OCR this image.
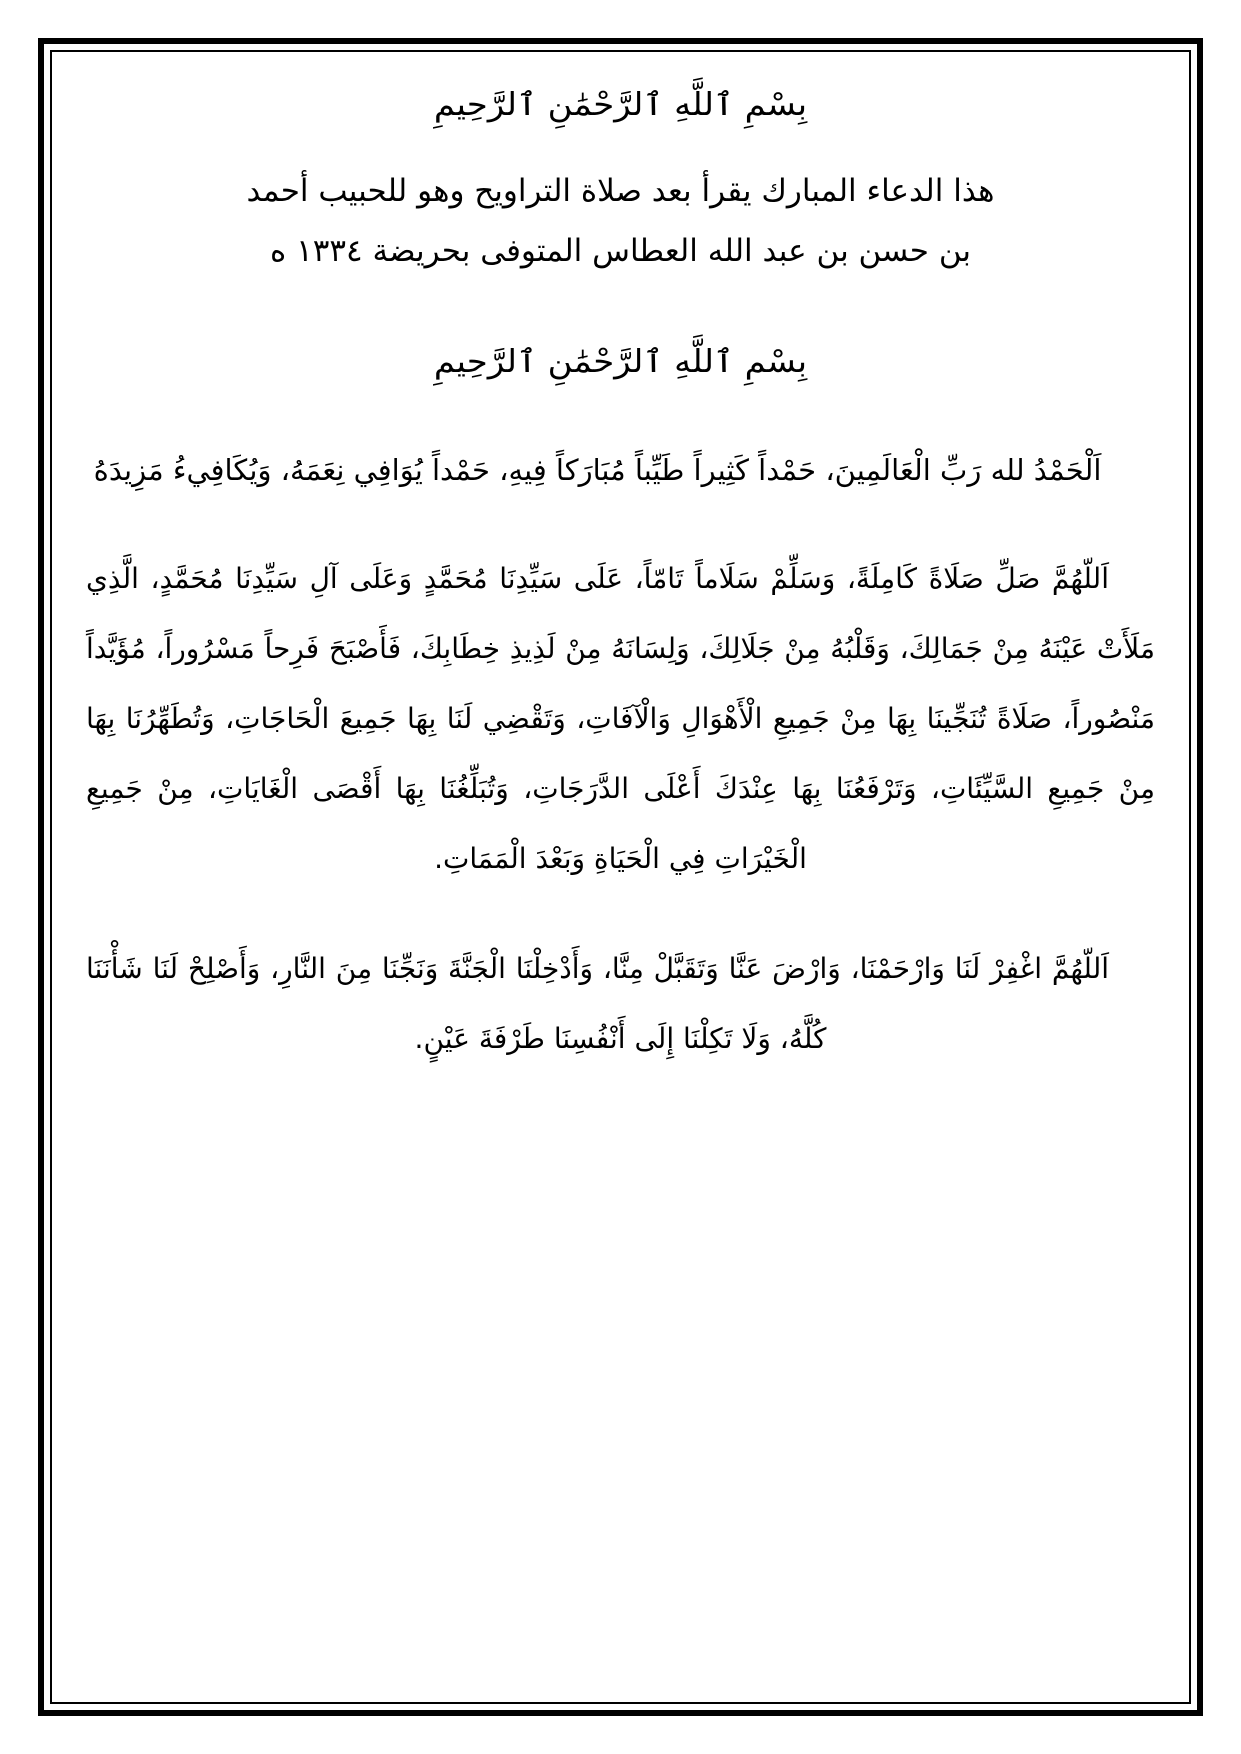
بِسْمِ ٱللَّهِ ٱلرَّحْمَٰنِ ٱلرَّحِيمِ
هذا الدعاء المبارك يقرأ بعد صلاة التراويح وهو للحبيب أحمد
بن حسن بن عبد الله العطاس المتوفى بحريضة ١٣٣٤ ه
بِسْمِ ٱللَّهِ ٱلرَّحْمَٰنِ ٱلرَّحِيمِ
اَلْحَمْدُ لله رَبِّ الْعَالَمِينَ، حَمْداً كَثِيراً طَيِّباً مُبَارَكاً فِيهِ، حَمْداً يُوَافِي نِعَمَهُ، وَيُكَافِيءُ مَزِيدَهُ
اَللّهُمَّ صَلِّ صَلَاةً كَامِلَةً، وَسَلِّمْ سَلَاماً تَامّاً، عَلَى سَيِّدِنَا مُحَمَّدٍ وَعَلَى آلِ سَيِّدِنَا مُحَمَّدٍ، الَّذِي مَلَأَتْ عَيْنَهُ مِنْ جَمَالِكَ، وَقَلْبُهُ مِنْ جَلَالِكَ، وَلِسَانَهُ مِنْ لَذِيذِ خِطَابِكَ، فَأَصْبَحَ فَرِحاً مَسْرُوراً، مُؤَيَّداً مَنْصُوراً، صَلَاةً تُنَجِّينَا بِهَا مِنْ جَمِيعِ الْأَهْوَالِ وَالْآفَاتِ، وَتَقْضِي لَنَا بِهَا جَمِيعَ الْحَاجَاتِ، وَتُطَهِّرُنَا بِهَا مِنْ جَمِيعِ السَّيِّئَاتِ، وَتَرْفَعُنَا بِهَا عِنْدَكَ أَعْلَى الدَّرَجَاتِ، وَتُبَلِّغُنَا بِهَا أَقْصَى الْغَايَاتِ، مِنْ جَمِيعِ الْخَيْرَاتِ فِي الْحَيَاةِ وَبَعْدَ الْمَمَاتِ.
اَللّهُمَّ اغْفِرْ لَنَا وَارْحَمْنَا، وَارْضَ عَنَّا وَتَقَبَّلْ مِنَّا، وَأَدْخِلْنَا الْجَنَّةَ وَنَجِّنَا مِنَ النَّارِ، وَأَصْلِحْ لَنَا شَأْنَنَا كُلَّهُ، وَلَا تَكِلْنَا إِلَى أَنْفُسِنَا طَرْفَةَ عَيْنٍ.
